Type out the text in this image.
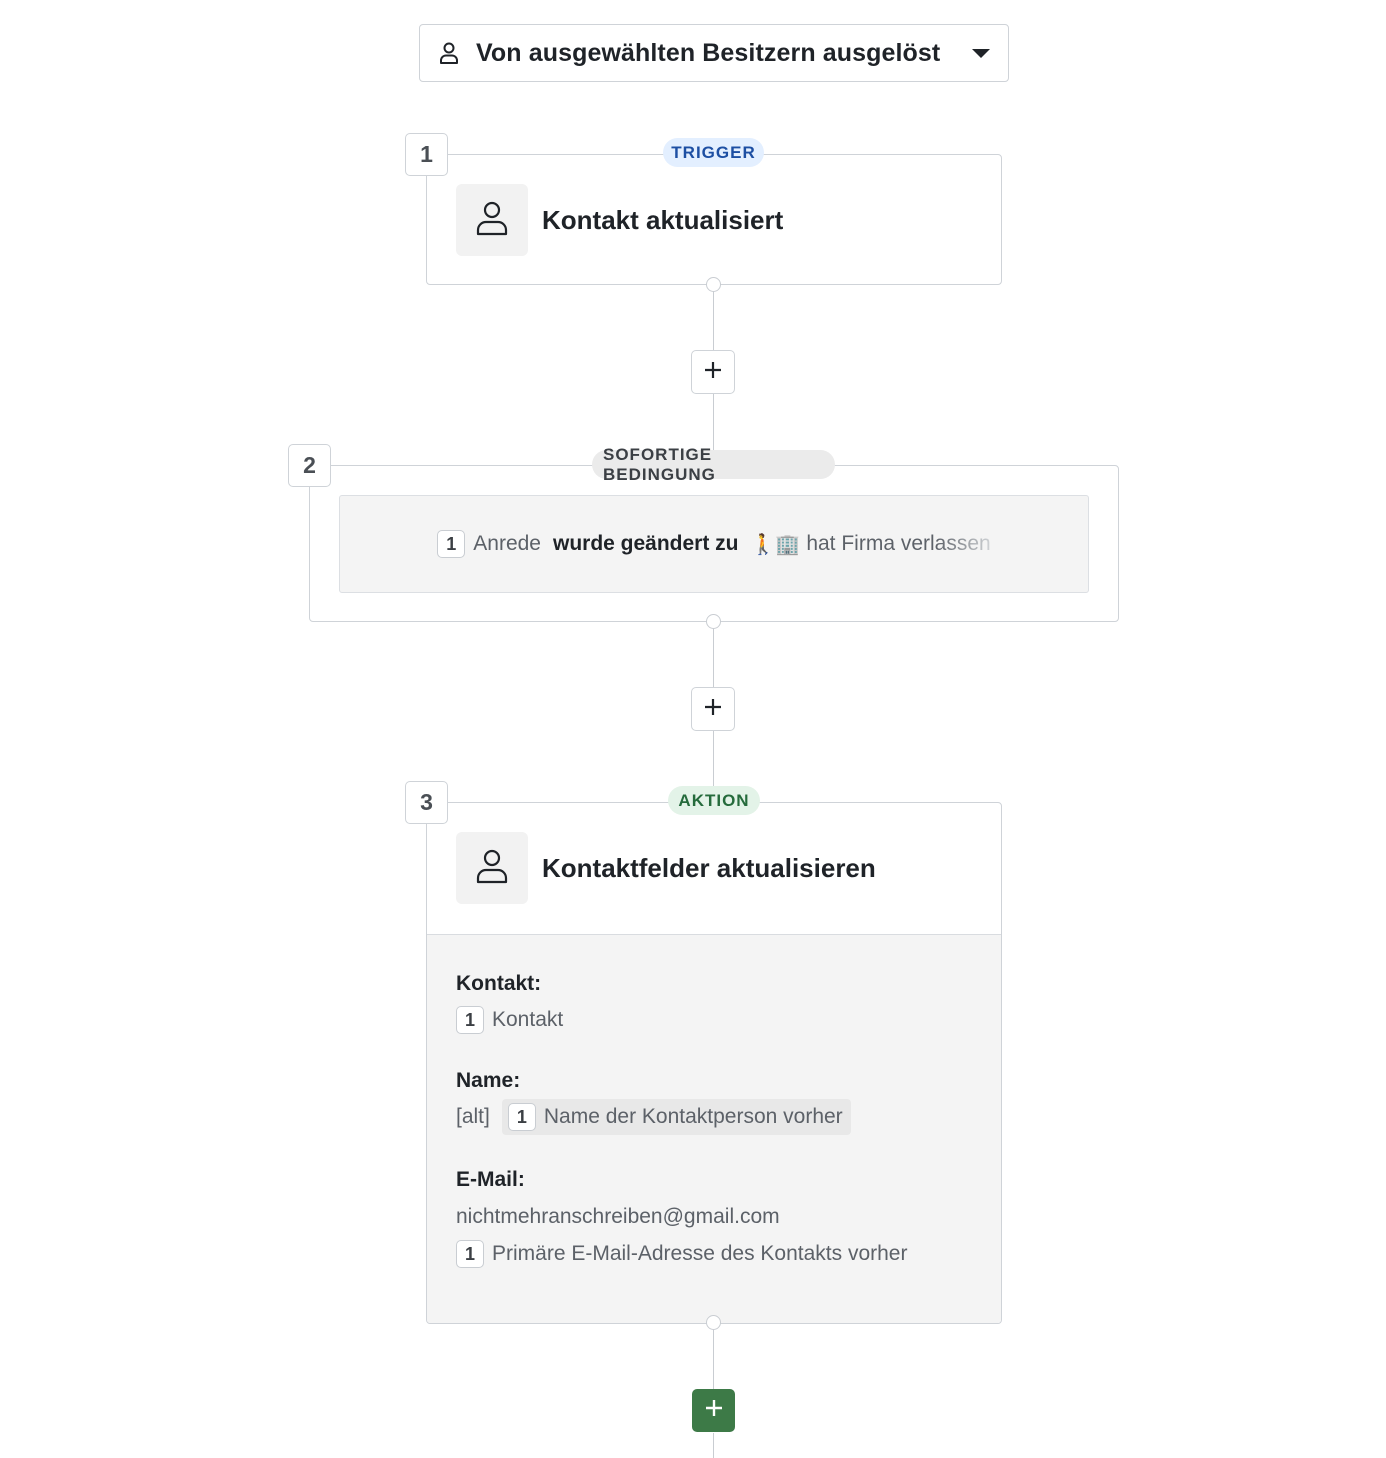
Von ausgewählten Besitzern ausgelöst
Kontakt aktualisiert
1	TRIGGER
1 Anrede wurde geändert zu 🚶🏢 hat Firma verlassen
2	SOFORTIGE BEDINGUNG
Kontaktfelder aktualisieren
Kontakt:
1 Kontakt
Name:
[alt]	1 Name der Kontaktperson vorher
E-Mail:
nichtmehranschreiben@gmail.com
1 Primäre E-Mail-Adresse des Kontakts vorher
3	AKTION
